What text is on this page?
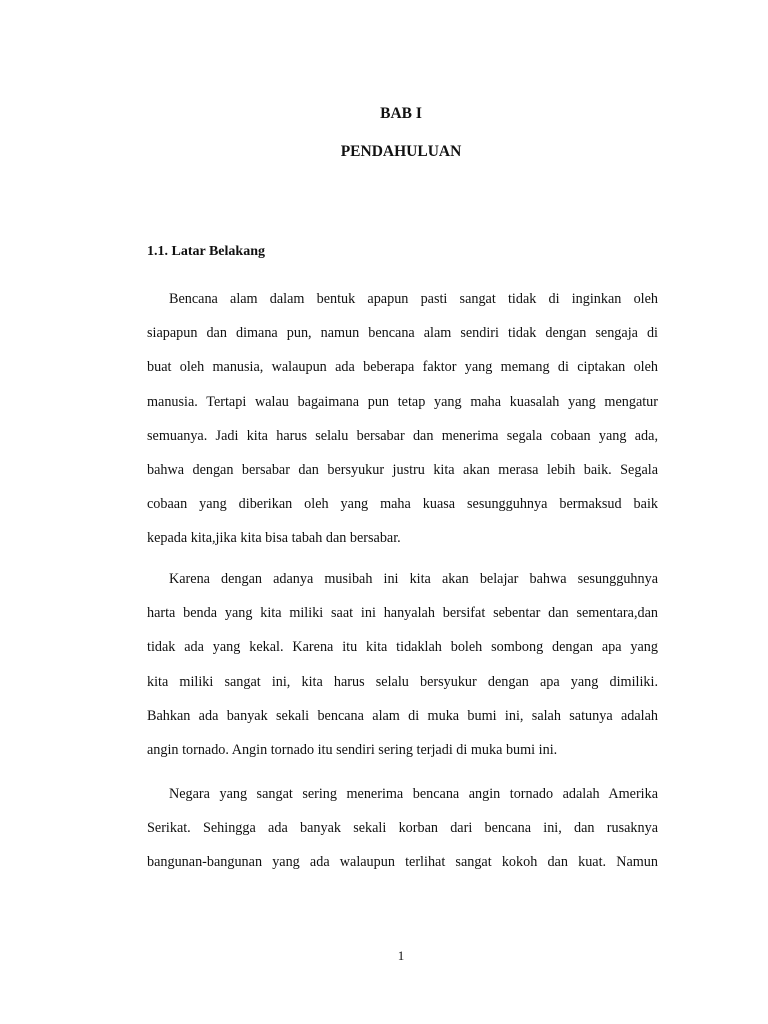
BAB I
PENDAHULUAN
1.1. Latar Belakang
Bencana alam dalam bentuk apapun pasti sangat tidak di inginkan oleh
siapapun dan dimana pun, namun bencana alam sendiri tidak dengan sengaja di
buat oleh manusia, walaupun ada beberapa faktor yang memang di ciptakan oleh
manusia. Tertapi walau bagaimana pun tetap yang maha kuasalah yang mengatur
semuanya. Jadi kita harus selalu bersabar dan menerima segala cobaan yang ada,
bahwa dengan bersabar dan bersyukur justru kita akan merasa lebih baik. Segala
cobaan yang diberikan oleh yang maha kuasa sesungguhnya bermaksud baik
kepada kita,jika kita bisa tabah dan bersabar.
Karena dengan adanya musibah ini kita akan belajar bahwa sesungguhnya
harta benda yang kita miliki saat ini hanyalah bersifat sebentar dan sementara,dan
tidak ada yang kekal. Karena itu kita tidaklah boleh sombong dengan apa yang
kita miliki sangat ini, kita harus selalu bersyukur dengan apa yang dimiliki.
Bahkan ada banyak sekali bencana alam di muka bumi ini, salah satunya adalah
angin tornado. Angin tornado itu sendiri sering terjadi di muka bumi ini.
Negara yang sangat sering menerima bencana angin tornado adalah Amerika
Serikat. Sehingga ada banyak sekali korban dari bencana ini, dan rusaknya
bangunan-bangunan yang ada walaupun terlihat sangat kokoh dan kuat. Namun
1
